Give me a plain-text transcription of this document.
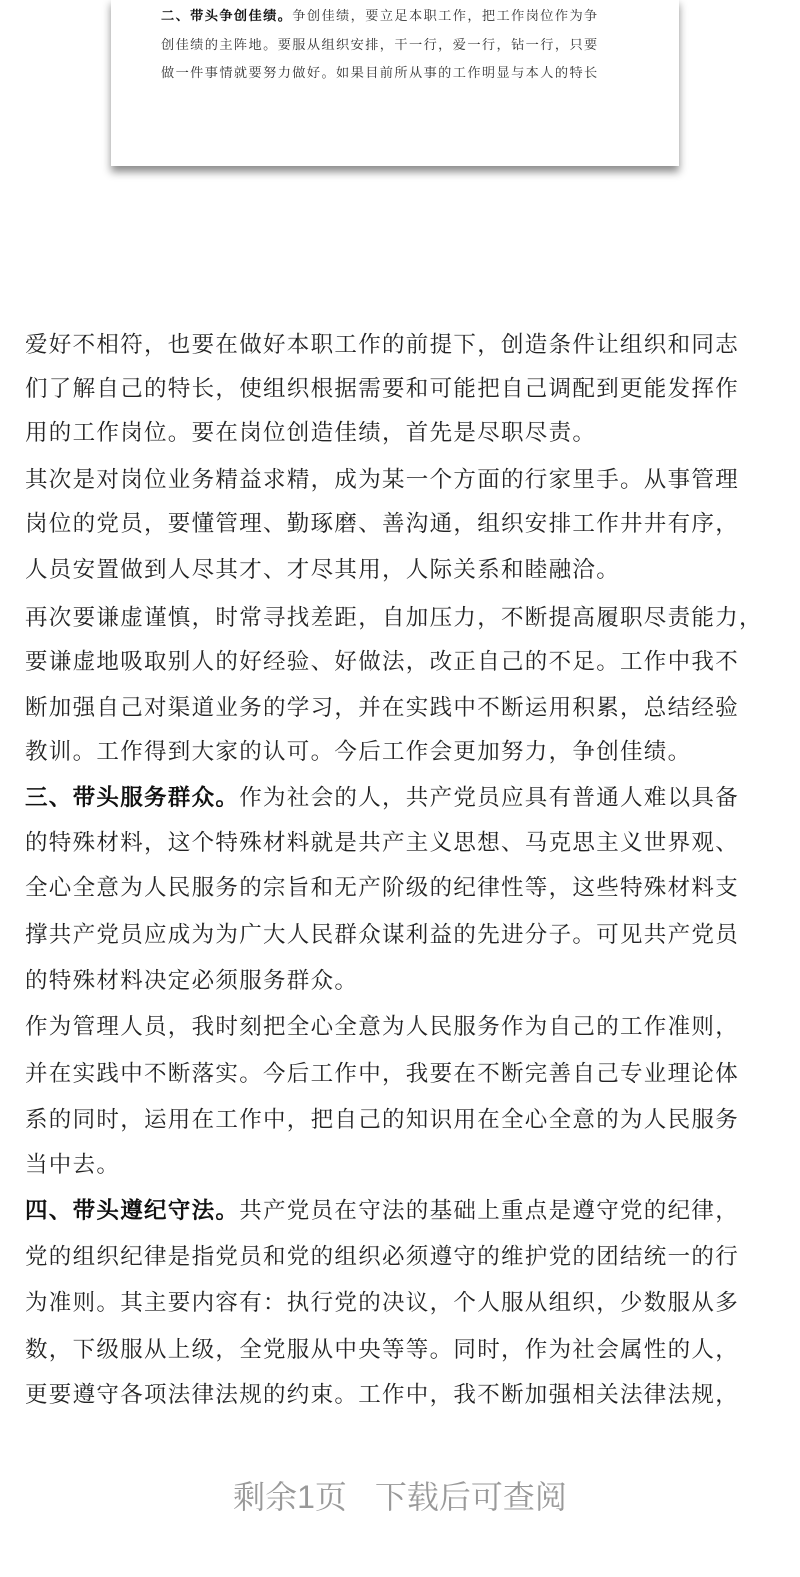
二、带头争创佳绩。争创佳绩，要立足本职工作，把工作岗位作为争
创佳绩的主阵地。要服从组织安排，干一行，爱一行，钻一行，只要
做一件事情就要努力做好。如果目前所从事的工作明显与本人的特长
爱好不相符，也要在做好本职工作的前提下，创造条件让组织和同志
们了解自己的特长，使组织根据需要和可能把自己调配到更能发挥作
用的工作岗位。要在岗位创造佳绩，首先是尽职尽责。
其次是对岗位业务精益求精，成为某一个方面的行家里手。从事管理
岗位的党员，要懂管理、勤琢磨、善沟通，组织安排工作井井有序，
人员安置做到人尽其才、才尽其用，人际关系和睦融洽。
再次要谦虚谨慎，时常寻找差距，自加压力，不断提高履职尽责能力，
要谦虚地吸取别人的好经验、好做法，改正自己的不足。工作中我不
断加强自己对渠道业务的学习，并在实践中不断运用积累，总结经验
教训。工作得到大家的认可。今后工作会更加努力，争创佳绩。
三、带头服务群众。作为社会的人，共产党员应具有普通人难以具备
的特殊材料，这个特殊材料就是共产主义思想、马克思主义世界观、
全心全意为人民服务的宗旨和无产阶级的纪律性等，这些特殊材料支
撑共产党员应成为为广大人民群众谋利益的先进分子。可见共产党员
的特殊材料决定必须服务群众。
作为管理人员，我时刻把全心全意为人民服务作为自己的工作准则，
并在实践中不断落实。今后工作中，我要在不断完善自己专业理论体
系的同时，运用在工作中，把自己的知识用在全心全意的为人民服务
当中去。
四、带头遵纪守法。共产党员在守法的基础上重点是遵守党的纪律，
党的组织纪律是指党员和党的组织必须遵守的维护党的团结统一的行
为准则。其主要内容有：执行党的决议，个人服从组织，少数服从多
数，下级服从上级，全党服从中央等等。同时，作为社会属性的人，
更要遵守各项法律法规的约束。工作中，我不断加强相关法律法规，
剩余1页 下载后可查阅
